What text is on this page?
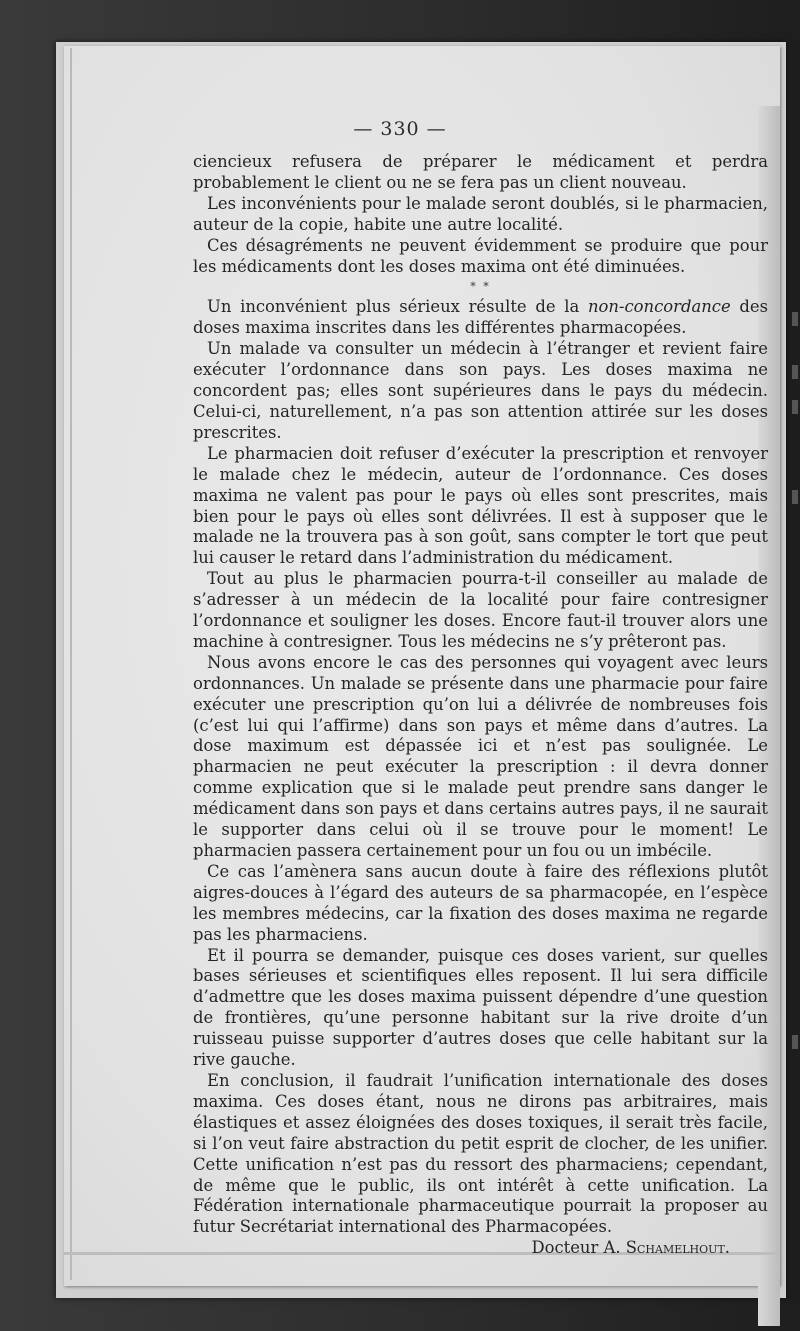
— 330 —

ciencieux refusera de préparer le médicament et perdra probablement le client ou ne se fera pas un client nouveau.

Les inconvénients pour le malade seront doublés, si le pharmacien, auteur de la copie, habite une autre localité.

Ces désagréments ne peuvent évidemment se produire que pour les médicaments dont les doses maxima ont été diminuées.

* *

Un inconvénient plus sérieux résulte de la non-concordance des doses maxima inscrites dans les différentes pharmacopées.

Un malade va consulter un médecin à l’étranger et revient faire exécuter l’ordonnance dans son pays. Les doses maxima ne concordent pas; elles sont supérieures dans le pays du médecin. Celui-ci, naturellement, n’a pas son attention attirée sur les doses prescrites.

Le pharmacien doit refuser d’exécuter la prescription et renvoyer le malade chez le médecin, auteur de l’ordonnance. Ces doses maxima ne valent pas pour le pays où elles sont prescrites, mais bien pour le pays où elles sont délivrées. Il est à supposer que le malade ne la trouvera pas à son goût, sans compter le tort que peut lui causer le retard dans l’administration du médicament.

Tout au plus le pharmacien pourra-t-il conseiller au malade de s’adresser à un médecin de la localité pour faire contresigner l’ordonnance et souligner les doses. Encore faut-il trouver alors une machine à contresigner. Tous les médecins ne s’y prêteront pas.

Nous avons encore le cas des personnes qui voyagent avec leurs ordonnances. Un malade se présente dans une pharmacie pour faire exécuter une prescription qu’on lui a délivrée de nombreuses fois (c’est lui qui l’affirme) dans son pays et même dans d’autres. La dose maximum est dépassée ici et n’est pas soulignée. Le pharmacien ne peut exécuter la prescription : il devra donner comme explication que si le malade peut prendre sans danger le médicament dans son pays et dans certains autres pays, il ne saurait le supporter dans celui où il se trouve pour le moment! Le pharmacien passera certainement pour un fou ou un imbécile.

Ce cas l’amènera sans aucun doute à faire des réflexions plutôt aigres-douces à l’égard des auteurs de sa pharmacopée, en l’espèce les membres médecins, car la fixation des doses maxima ne regarde pas les pharmaciens.

Et il pourra se demander, puisque ces doses varient, sur quelles bases sérieuses et scientifiques elles reposent. Il lui sera difficile d’admettre que les doses maxima puissent dépendre d’une question de frontières, qu’une personne habitant sur la rive droite d’un ruisseau puisse supporter d’autres doses que celle habitant sur la rive gauche.

En conclusion, il faudrait l’unification internationale des doses maxima. Ces doses étant, nous ne dirons pas arbitraires, mais élastiques et assez éloignées des doses toxiques, il serait très facile, si l’on veut faire abstraction du petit esprit de clocher, de les unifier. Cette unification n’est pas du ressort des pharmaciens; cependant, de même que le public, ils ont intérêt à cette unification. La Fédération internationale pharmaceutique pourrait la proposer au futur Secrétariat international des Pharmacopées.

Docteur A. Schamelhout.
